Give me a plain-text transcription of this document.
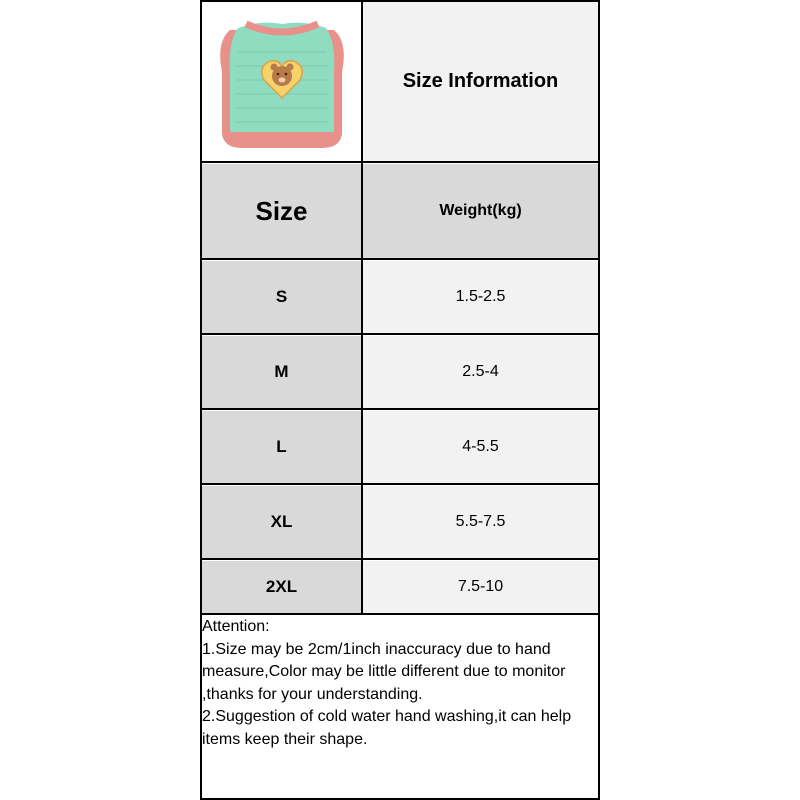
Size Information
Size	Weight(kg)
S	1.5-2.5
M	2.5-4
L	4-5.5
XL	5.5-7.5
2XL	7.5-10
Attention:
1.Size may be 2cm/1inch inaccuracy due to hand measure,Color may be little different due to monitor ,thanks for your understanding.
2.Suggestion of cold water hand washing,it can help items keep their shape.
